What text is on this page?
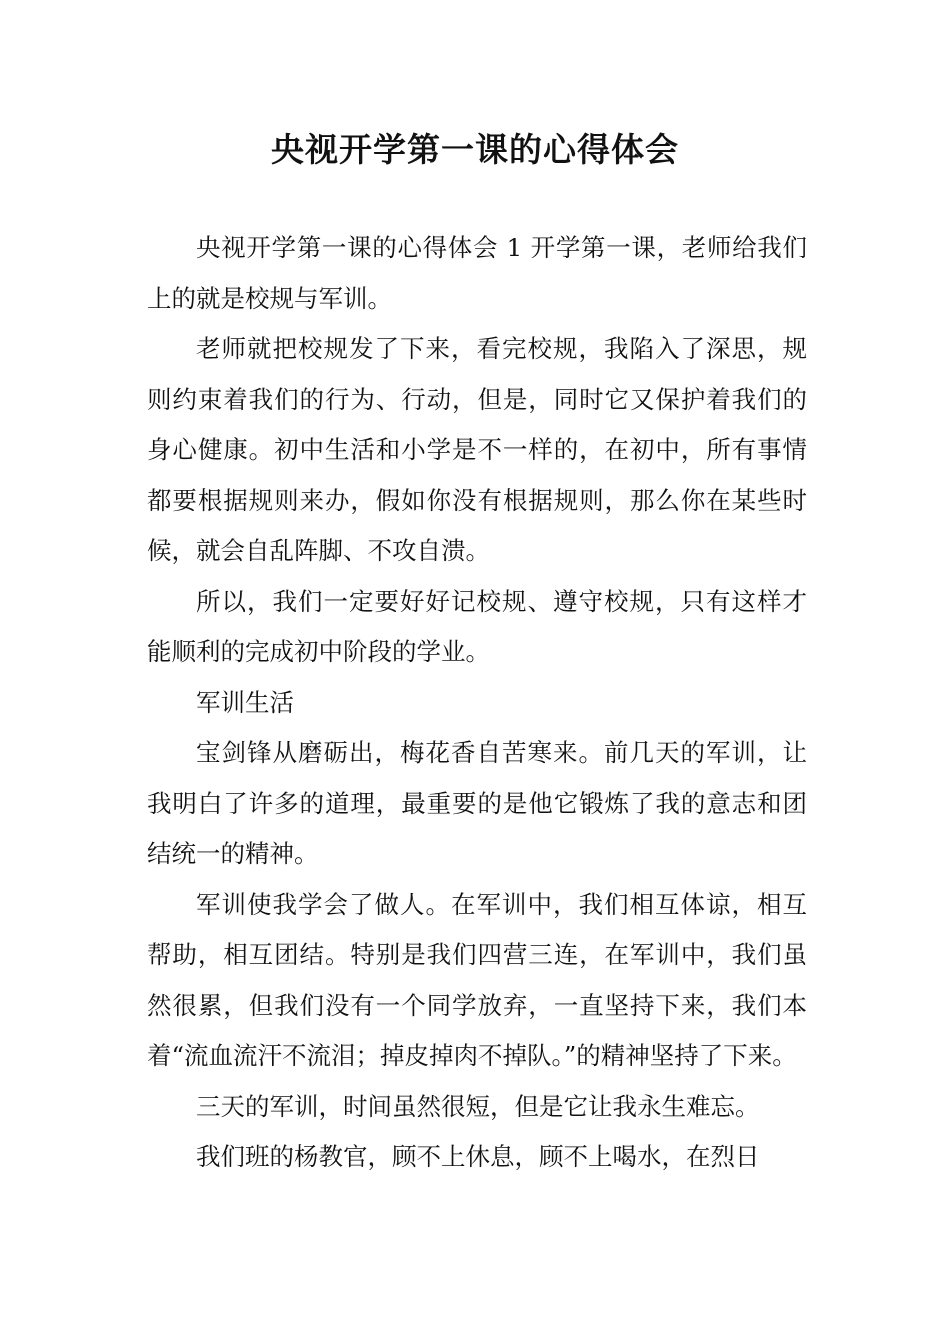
央视开学第一课的心得体会

央视开学第一课的心得体会 1 开学第一课，老师给我们上的就是校规与军训。

老师就把校规发了下来，看完校规，我陷入了深思，规则约束着我们的行为、行动，但是，同时它又保护着我们的身心健康。初中生活和小学是不一样的，在初中，所有事情都要根据规则来办，假如你没有根据规则，那么你在某些时候，就会自乱阵脚、不攻自溃。

所以，我们一定要好好记校规、遵守校规，只有这样才能顺利的完成初中阶段的学业。

军训生活

宝剑锋从磨砺出，梅花香自苦寒来。前几天的军训，让我明白了许多的道理，最重要的是他它锻炼了我的意志和团结统一的精神。

军训使我学会了做人。在军训中，我们相互体谅，相互帮助，相互团结。特别是我们四营三连，在军训中，我们虽然很累，但我们没有一个同学放弃，一直坚持下来，我们本着“流血流汗不流泪；掉皮掉肉不掉队。”的精神坚持了下来。

三天的军训，时间虽然很短，但是它让我永生难忘。

我们班的杨教官，顾不上休息，顾不上喝水，在烈日
